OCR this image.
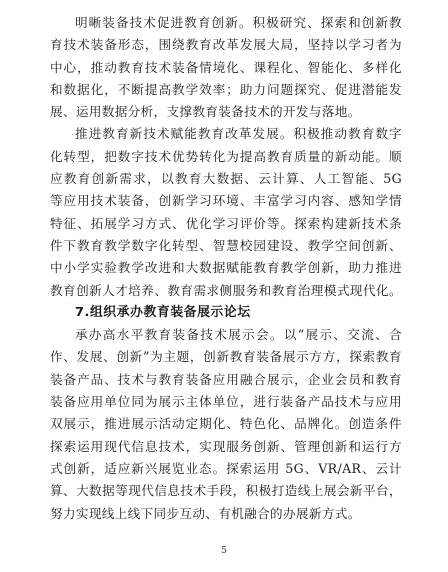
明晰装备技术促进教育创新。积极研究、探索和创新教
育技术装备形态，围绕教育改革发展大局，坚持以学习者为
中心，推动教育技术装备情境化、课程化、智能化、多样化
和数据化，不断提高教学效率；助力问题探究、促进潜能发
展、运用数据分析，支撑教育装备技术的开发与落地。
推进教育新技术赋能教育改革发展。积极推动教育数字
化转型，把数字技术优势转化为提高教育质量的新动能。顺
应教育创新需求，以教育大数据、云计算、人工智能、5G
等应用技术装备，创新学习环境、丰富学习内容、感知学情
特征、拓展学习方式、优化学习评价等。探索构建新技术条
件下教育教学数字化转型、智慧校园建设、教学空间创新、
中小学实验教学改进和大数据赋能教育教学创新，助力推进
教育创新人才培养、教育需求侧服务和教育治理模式现代化。
7.组织承办教育装备展示论坛
承办高水平教育装备技术展示会。以“展示、交流、合
作、发展、创新”为主题，创新教育装备展示方方，探索教育
装备产品、技术与教育装备应用融合展示，企业会员和教育
装备应用单位同为展示主体单位，进行装备产品技术与应用
双展示，推进展示活动定期化、特色化、品牌化。创造条件
探索运用现代信息技术，实现服务创新、管理创新和运行方
式创新，适应新兴展览业态。探索运用 5G、VR/AR、云计
算、大数据等现代信息技术手段，积极打造线上展会新平台，
努力实现线上线下同步互动、有机融合的办展新方式。
5
